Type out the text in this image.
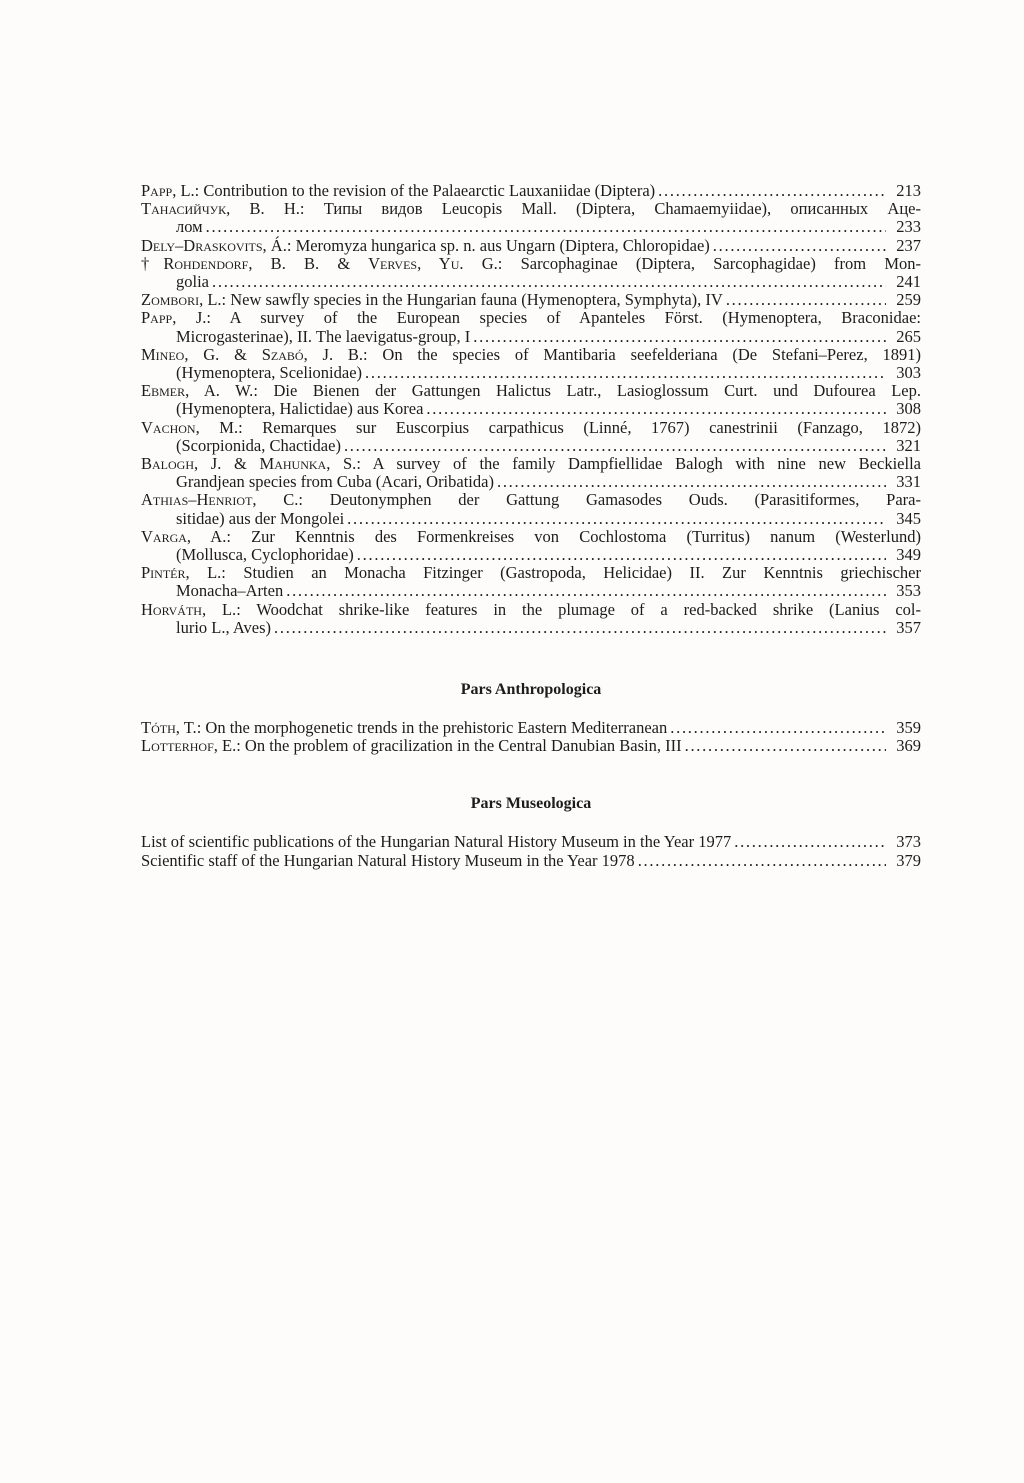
Papp, L.: Contribution to the revision of the Palaearctic Lauxaniidae (Diptera) . . .	213
Танасийчук, В. Н.: Типы видов Leucopis Mall. (Diptera, Chamaemyiidae), описанных Аце-
лом . . .	233
Dely–Draskovits, Á.: Meromyza hungarica sp. n. aus Ungarn (Diptera, Chloropidae) . . .	237
†Rohdendorf, B. B. & Verves, Yu. G.: Sarcophaginae (Diptera, Sarcophagidae) from Mon-
golia . . .	241
Zombori, L.: New sawfly species in the Hungarian fauna (Hymenoptera, Symphyta), IV . . .	259
Papp, J.: A survey of the European species of Apanteles Först. (Hymenoptera, Braconidae:
Microgasterinae), II. The laevigatus-group, I . . .	265
Mineo, G. & Szabó, J. B.: On the species of Mantibaria seefelderiana (De Stefani–Perez, 1891)
(Hymenoptera, Scelionidae) . . .	303
Ebmer, A. W.: Die Bienen der Gattungen Halictus Latr., Lasioglossum Curt. und Dufourea Lep.
(Hymenoptera, Halictidae) aus Korea . . .	308
Vachon, M.: Remarques sur Euscorpius carpathicus (Linné, 1767) canestrinii (Fanzago, 1872)
(Scorpionida, Chactidae) . . .	321
Balogh, J. & Mahunka, S.: A survey of the family Dampfiellidae Balogh with nine new Beckiella
Grandjean species from Cuba (Acari, Oribatida) . . .	331
Athias–Henriot, C.: Deutonymphen der Gattung Gamasodes Ouds. (Parasitiformes, Para-
sitidae) aus der Mongolei . . .	345
Varga, A.: Zur Kenntnis des Formenkreises von Cochlostoma (Turritus) nanum (Westerlund)
(Mollusca, Cyclophoridae) . . .	349
Pintér, L.: Studien an Monacha Fitzinger (Gastropoda, Helicidae) II. Zur Kenntnis griechischer
Monacha–Arten . . .	353
Horváth, L.: Woodchat shrike-like features in the plumage of a red-backed shrike (Lanius col-
lurio L., Aves) . . .	357
Pars Anthropologica
Tóth, T.: On the morphogenetic trends in the prehistoric Eastern Mediterranean . . .	359
Lotterhof, E.: On the problem of gracilization in the Central Danubian Basin, III . . .	369
Pars Museologica
List of scientific publications of the Hungarian Natural History Museum in the Year 1977 . . .	373
Scientific staff of the Hungarian Natural History Museum in the Year 1978 . . .	379
